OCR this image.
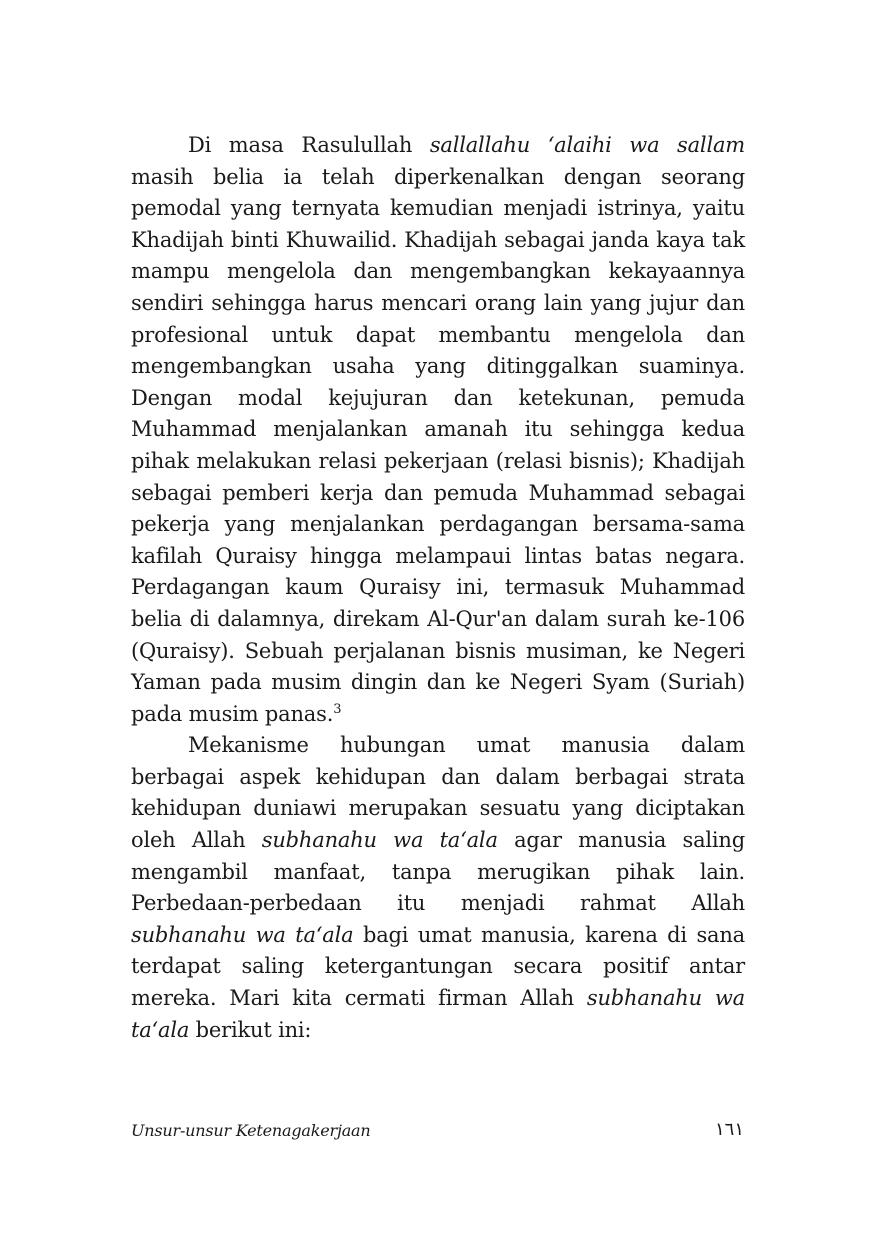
Di masa Rasulullah sallallahu ‘alaihi wa sallam masih belia ia telah diperkenalkan dengan seorang pemodal yang ternyata kemudian menjadi istrinya, yaitu Khadijah binti Khuwailid. Khadijah sebagai janda kaya tak mampu mengelola dan mengembangkan kekayaannya sendiri sehingga harus mencari orang lain yang jujur dan profesional untuk dapat membantu mengelola dan mengembangkan usaha yang ditinggalkan suaminya. Dengan modal kejujuran dan ketekunan, pemuda Muhammad menjalankan amanah itu sehingga kedua pihak melakukan relasi pekerjaan (relasi bisnis); Khadijah sebagai pemberi kerja dan pemuda Muhammad sebagai pekerja yang menjalankan perdagangan bersama-sama kafilah Quraisy hingga melampaui lintas batas negara. Perdagangan kaum Quraisy ini, termasuk Muhammad belia di dalamnya, direkam Al-Qur'an dalam surah ke-106 (Quraisy). Sebuah perjalanan bisnis musiman, ke Negeri Yaman pada musim dingin dan ke Negeri Syam (Suriah) pada musim panas.$^3$

Mekanisme hubungan umat manusia dalam berbagai aspek kehidupan dan dalam berbagai strata kehidupan duniawi merupakan sesuatu yang diciptakan oleh Allah subhanahu wa ta‘ala agar manusia saling mengambil manfaat, tanpa merugikan pihak lain. Perbedaan-perbedaan itu menjadi rahmat Allah subhanahu wa ta‘ala bagi umat manusia, karena di sana terdapat saling ketergantungan secara positif antar mereka. Mari kita cermati firman Allah subhanahu wa ta‘ala berikut ini:

Unsur-unsur Ketenagakerjaan	١٦١
